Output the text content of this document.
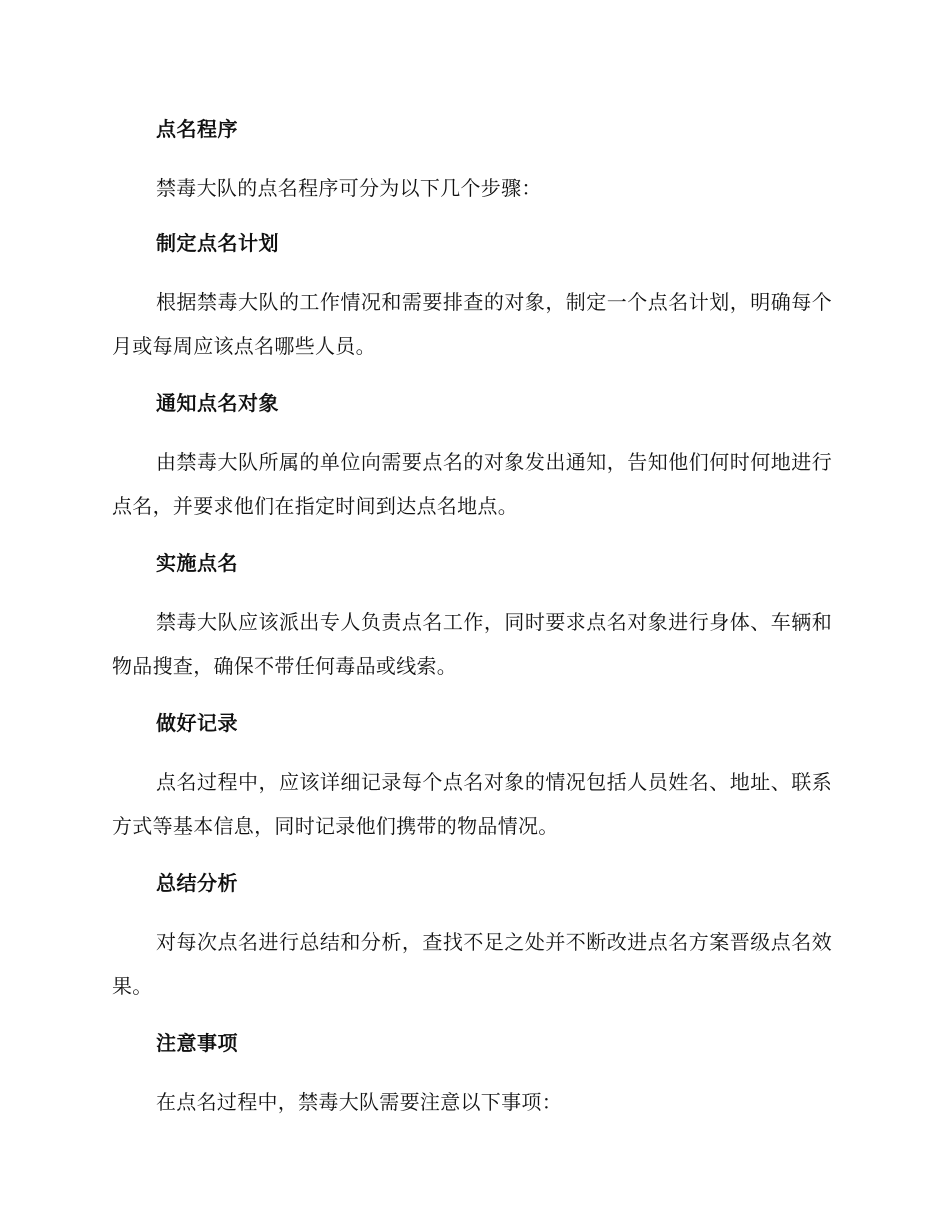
点名程序

禁毒大队的点名程序可分为以下几个步骤：

制定点名计划

根据禁毒大队的工作情况和需要排查的对象，制定一个点名计划，明确每个月或每周应该点名哪些人员。

通知点名对象

由禁毒大队所属的单位向需要点名的对象发出通知，告知他们何时何地进行点名，并要求他们在指定时间到达点名地点。

实施点名

禁毒大队应该派出专人负责点名工作，同时要求点名对象进行身体、车辆和物品搜查，确保不带任何毒品或线索。

做好记录

点名过程中，应该详细记录每个点名对象的情况包括人员姓名、地址、联系方式等基本信息，同时记录他们携带的物品情况。

总结分析

对每次点名进行总结和分析，查找不足之处并不断改进点名方案晋级点名效果。

注意事项

在点名过程中，禁毒大队需要注意以下事项：
